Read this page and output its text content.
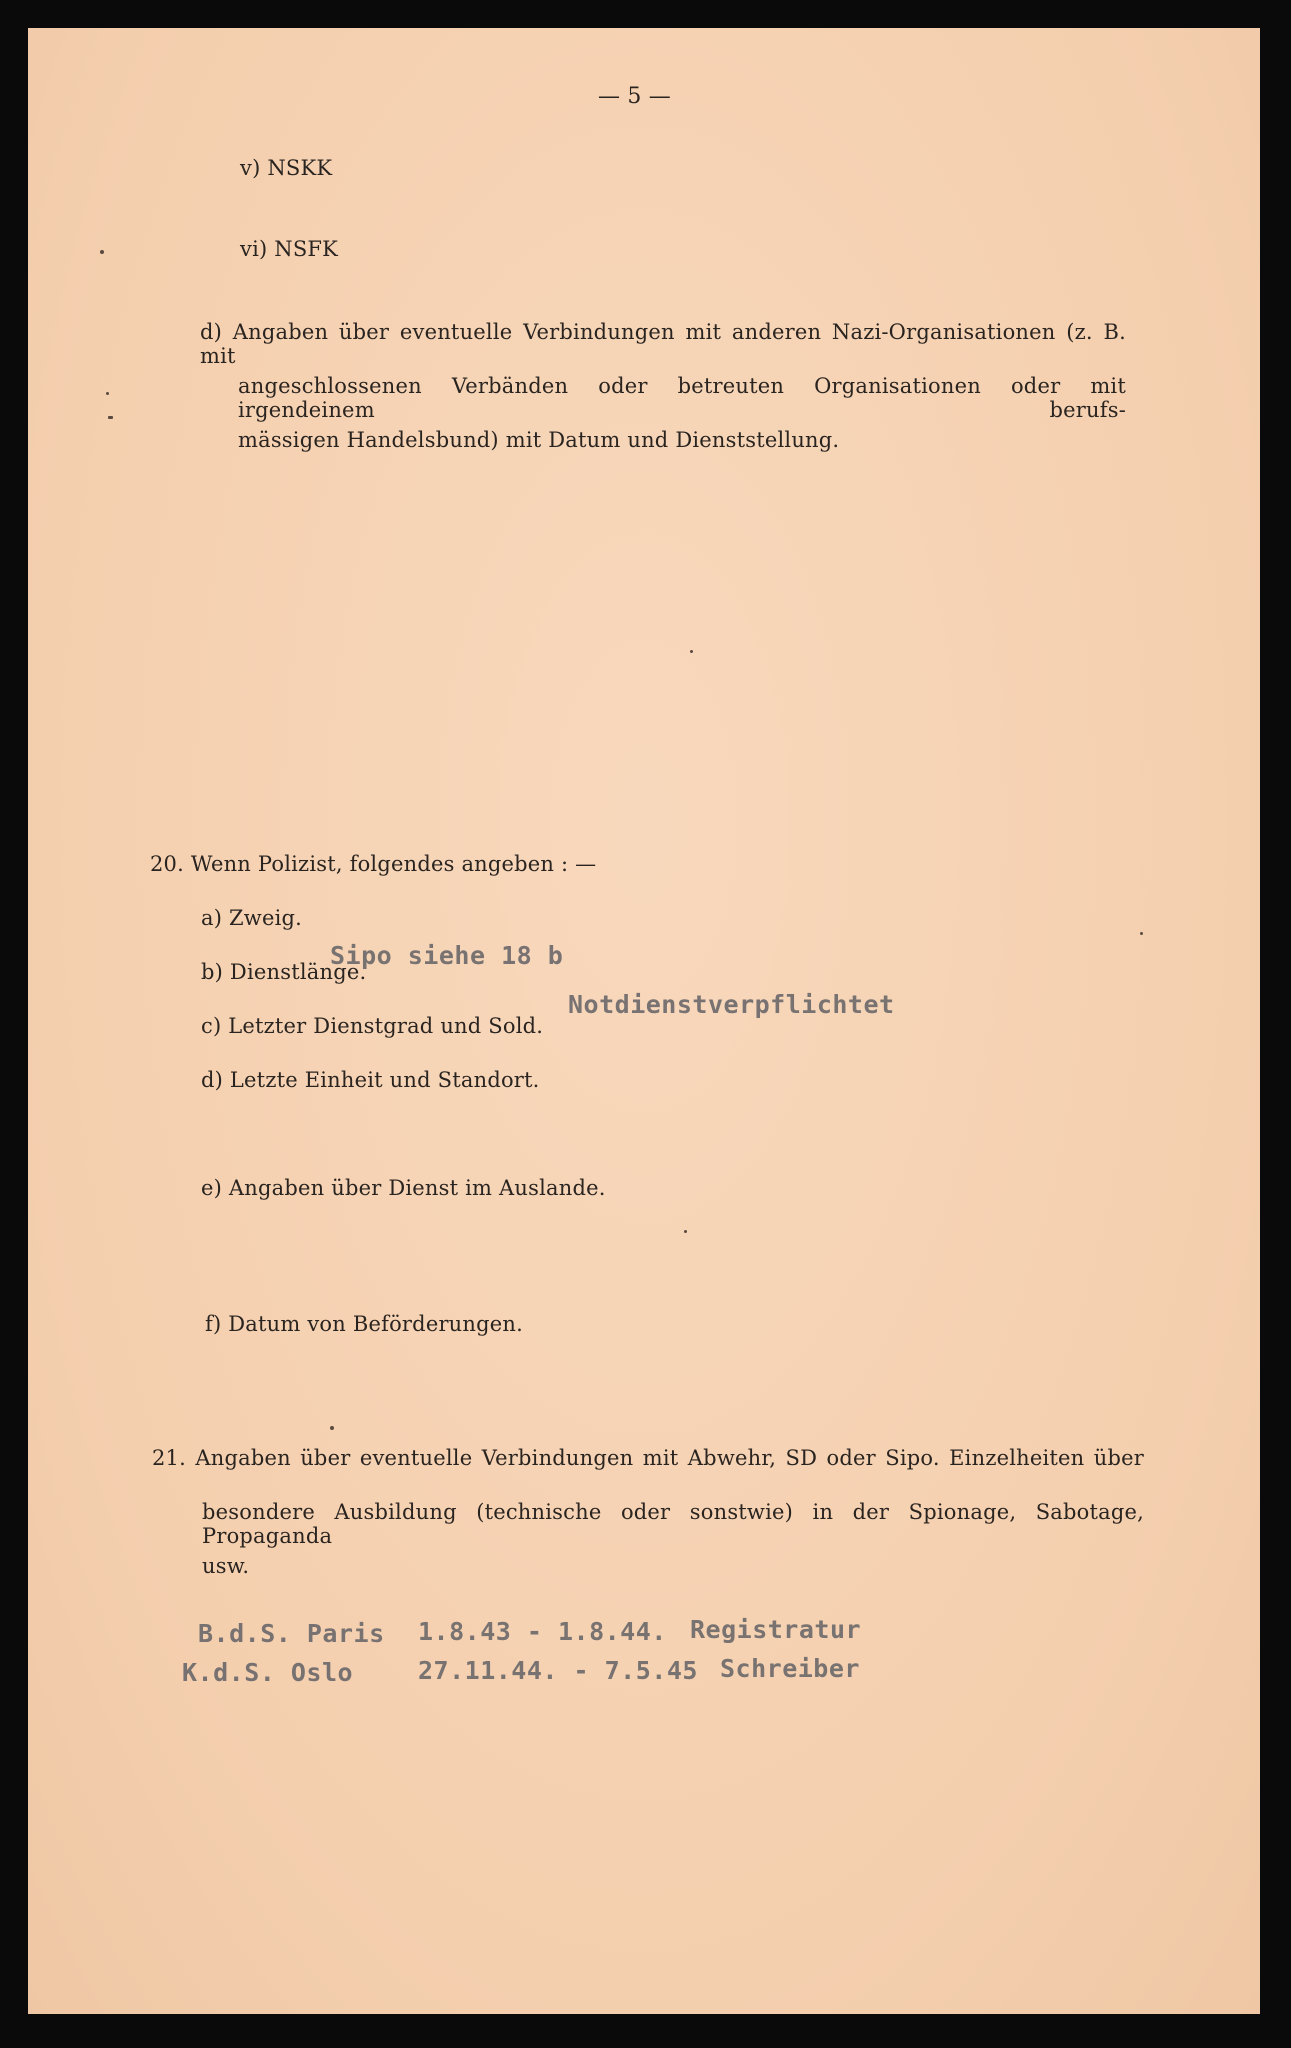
— 5 —
v) NSKK
vi) NSFK
d) Angaben über eventuelle Verbindungen mit anderen Nazi-Organisationen (z. B. mit
angeschlossenen Verbänden oder betreuten Organisationen oder mit irgendeinem berufs-
mässigen Handelsbund) mit Datum und Dienststellung.
20. Wenn Polizist, folgendes angeben : —
a) Zweig.
b) Dienstlänge.
c) Letzter Dienstgrad und Sold.
d) Letzte Einheit und Standort.
e) Angaben über Dienst im Auslande.
f) Datum von Beförderungen.
Sipo siehe 18 b
Notdienstverpflichtet
21. Angaben über eventuelle Verbindungen mit Abwehr, SD oder Sipo. Einzelheiten über
besondere Ausbildung (technische oder sonstwie) in der Spionage, Sabotage, Propaganda
usw.
B.d.S. Paris 1.8.43 - 1.8.44. Registratur
K.d.S. Oslo	27.11.44. - 7.5.45 Schreiber
